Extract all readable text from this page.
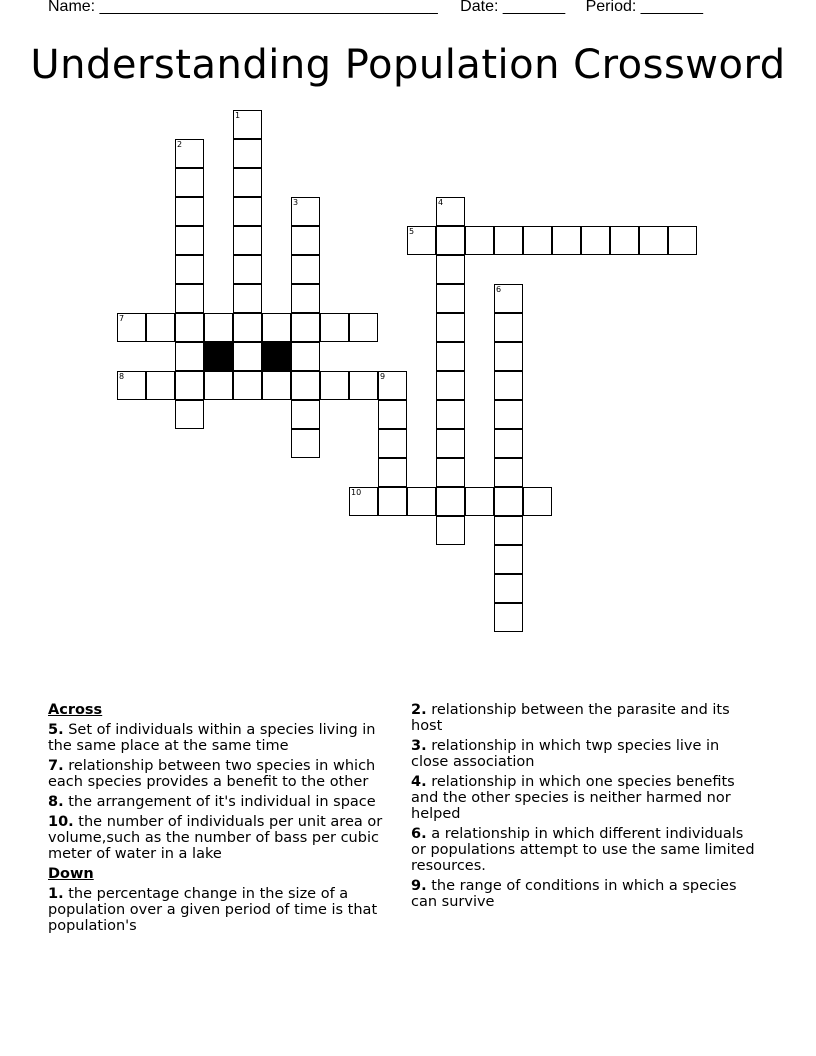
Name: ______________________________________ Date: _______ Period: _______
Understanding Population Crossword
5
7
8	9
10
1
2
3	4
6
Across
5. Set of individuals within a species living in the same place at the same time
7. relationship between two species in which each species provides a benefit to the other
8. the arrangement of it's individual in space
10. the number of individuals per unit area or volume,such as the number of bass per cubic meter of water in a lake
Down
1. the percentage change in the size of a population over a given period of time is that population's
2. relationship between the parasite and its host
3. relationship in which twp species live in close association
4. relationship in which one species benefits and the other species is neither harmed nor helped
6. a relationship in which different individuals or populations attempt to use the same limited resources.
9. the range of conditions in which a species can survive
